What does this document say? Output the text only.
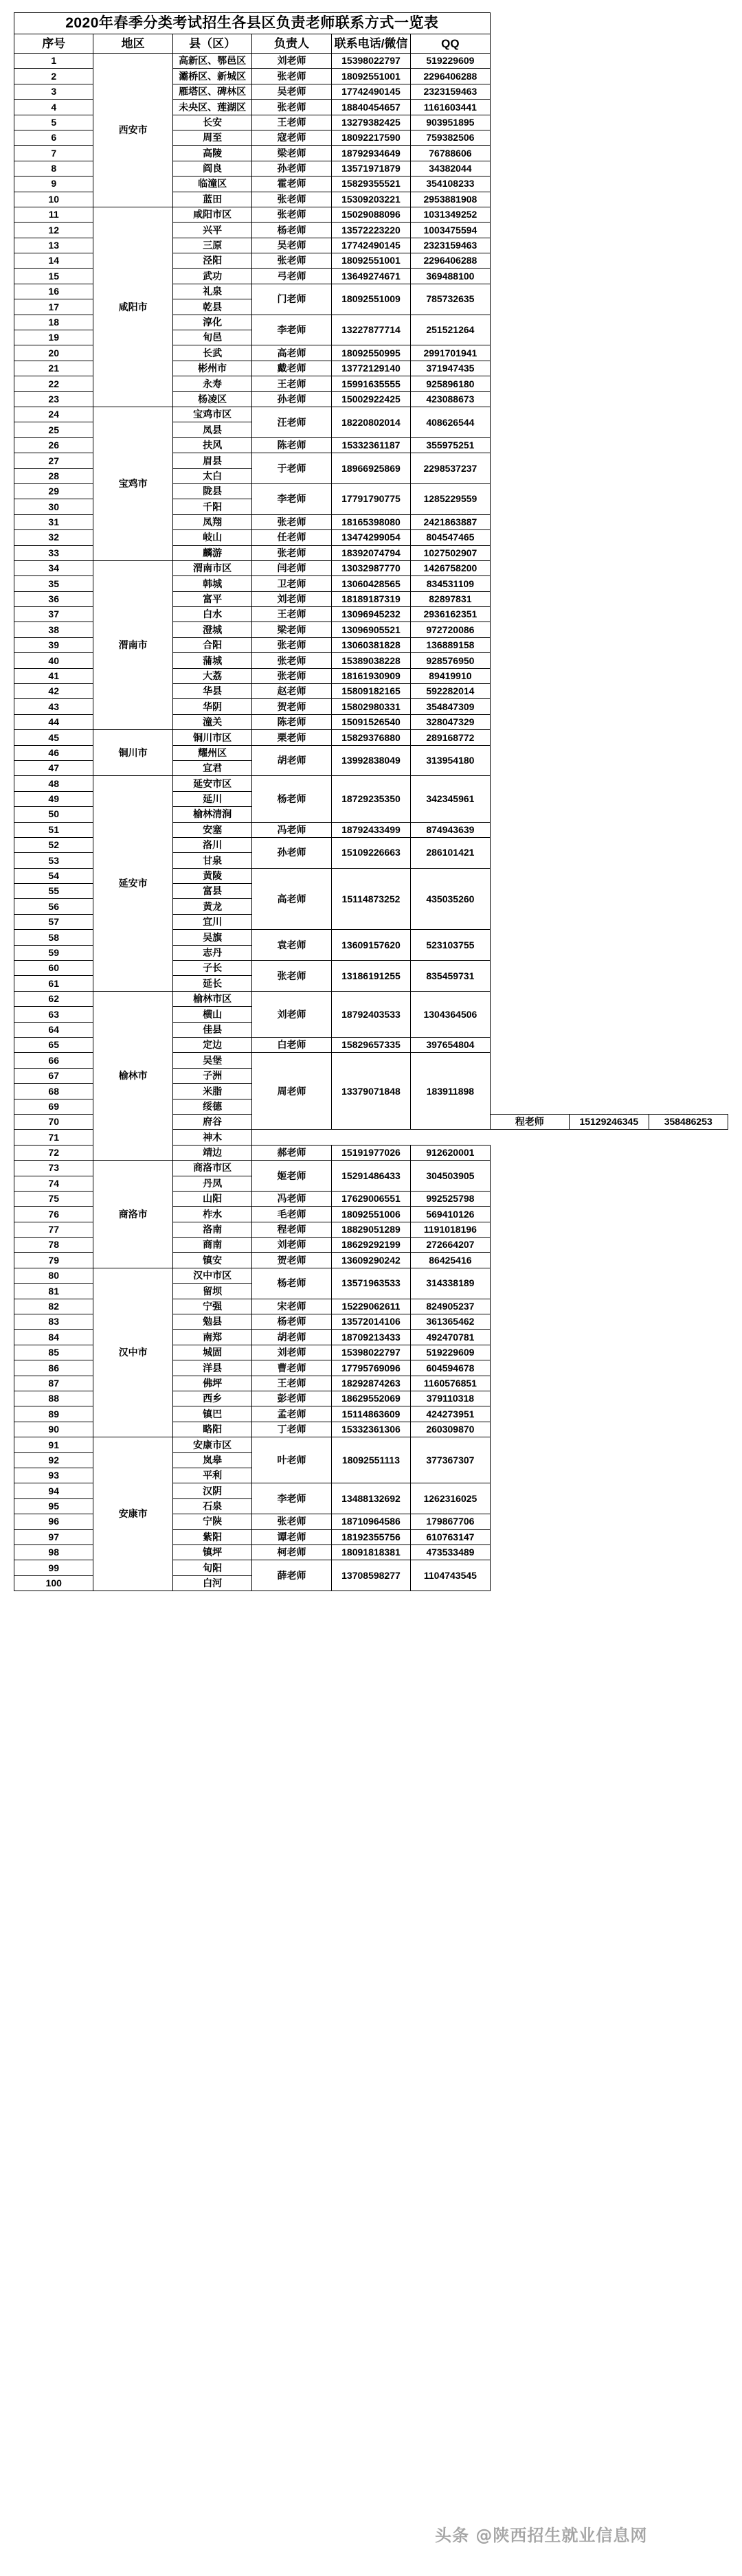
2020年春季分类考试招生各县区负责老师联系方式一览表								
序号	地区	县（区）	负责人	联系电话/微信	QQ			
1	西安市	高新区、鄂邑区	刘老师	15398022797	519229609			
2		灞桥区、新城区	张老师	18092551001	2296406288			
3		雁塔区、碑林区	吴老师	17742490145	2323159463			
4		未央区、莲湖区	张老师	18840454657	1161603441			
5		长安	王老师	13279382425	903951895			
6		周至	寇老师	18092217590	759382506			
7		高陵	梁老师	18792934649	76788606			
8		阎良	孙老师	13571971879	34382044			
9		临潼区	霍老师	15829355521	354108233			
10		蓝田	张老师	15309203221	2953881908			
11	咸阳市	咸阳市区	张老师	15029088096	1031349252			
12		兴平	杨老师	13572223220	1003475594			
13		三原	吴老师	17742490145	2323159463			
14		泾阳	张老师	18092551001	2296406288			
15		武功	弓老师	13649274671	369488100			
16		礼泉	门老师	18092551009	785732635			
17		乾县						
18		淳化	李老师	13227877714	251521264			
19		旬邑						
20		长武	高老师	18092550995	2991701941			
21		彬州市	戴老师	13772129140	371947435			
22		永寿	王老师	15991635555	925896180			
23		杨凌区	孙老师	15002922425	423088673			
24	宝鸡市	宝鸡市区	汪老师	18220802014	408626544			
25		凤县						
26		扶风	陈老师	15332361187	355975251			
27		眉县	于老师	18966925869	2298537237			
28		太白						
29		陇县	李老师	17791790775	1285229559			
30		千阳						
31		凤翔	张老师	18165398080	2421863887			
32		岐山	任老师	13474299054	804547465			
33		麟游	张老师	18392074794	1027502907			
34	渭南市	渭南市区	闫老师	13032987770	1426758200			
35		韩城	卫老师	13060428565	834531109			
36		富平	刘老师	18189187319	82897831			
37		白水	王老师	13096945232	2936162351			
38		澄城	梁老师	13096905521	972720086			
39		合阳	张老师	13060381828	136889158			
40		蒲城	张老师	15389038228	928576950			
41		大荔	张老师	18161930909	89419910			
42		华县	赵老师	15809182165	592282014			
43		华阴	贺老师	15802980331	354847309			
44		潼关	陈老师	15091526540	328047329			
45	铜川市	铜川市区	栗老师	15829376880	289168772			
46		耀州区	胡老师	13992838049	313954180			
47		宜君						
48	延安市	延安市区	杨老师	18729235350	342345961			
49		延川						
50		榆林清涧						
51		安塞	冯老师	18792433499	874943639			
52		洛川	孙老师	15109226663	286101421			
53		甘泉						
54		黄陵	高老师	15114873252	435035260			
55		富县						
56		黄龙						
57		宜川						
58		吴旗	袁老师	13609157620	523103755			
59		志丹						
60		子长	张老师	13186191255	835459731			
61		延长						
62	榆林市	榆林市区	刘老师	18792403533	1304364506			
63		横山						
64		佳县						
65		定边	白老师	15829657335	397654804			
66		吴堡	周老师	13379071848	183911898			
67		子洲						
68		米脂						
69		绥德						
70		府谷				程老师	15129246345	358486253
71		神木						
72		靖边	郝老师	15191977026	912620001			
73	商洛市	商洛市区	姬老师	15291486433	304503905			
74		丹凤						
75		山阳	冯老师	17629006551	992525798			
76		柞水	毛老师	18092551006	569410126			
77		洛南	程老师	18829051289	1191018196			
78		商南	刘老师	18629292199	272664207			
79		镇安	贺老师	13609290242	86425416			
80	汉中市	汉中市区	杨老师	13571963533	314338189			
81		留坝						
82		宁强	宋老师	15229062611	824905237			
83		勉县	杨老师	13572014106	361365462			
84		南郑	胡老师	18709213433	492470781			
85		城固	刘老师	15398022797	519229609			
86		洋县	曹老师	17795769096	604594678			
87		佛坪	王老师	18292874263	1160576851			
88		西乡	彭老师	18629552069	379110318			
89		镇巴	孟老师	15114863609	424273951			
90		略阳	丁老师	15332361306	260309870			
91	安康市	安康市区	叶老师	18092551113	377367307			
92		岚皋						
93		平利						
94		汉阴	李老师	13488132692	1262316025			
95		石泉						
96		宁陕	张老师	18710964586	179867706			
97		紫阳	谭老师	18192355756	610763147			
98		镇坪	柯老师	18091818381	473533489			
99		旬阳	薛老师	13708598277	1104743545			
100		白河						
头条 @陕西招生就业信息网
